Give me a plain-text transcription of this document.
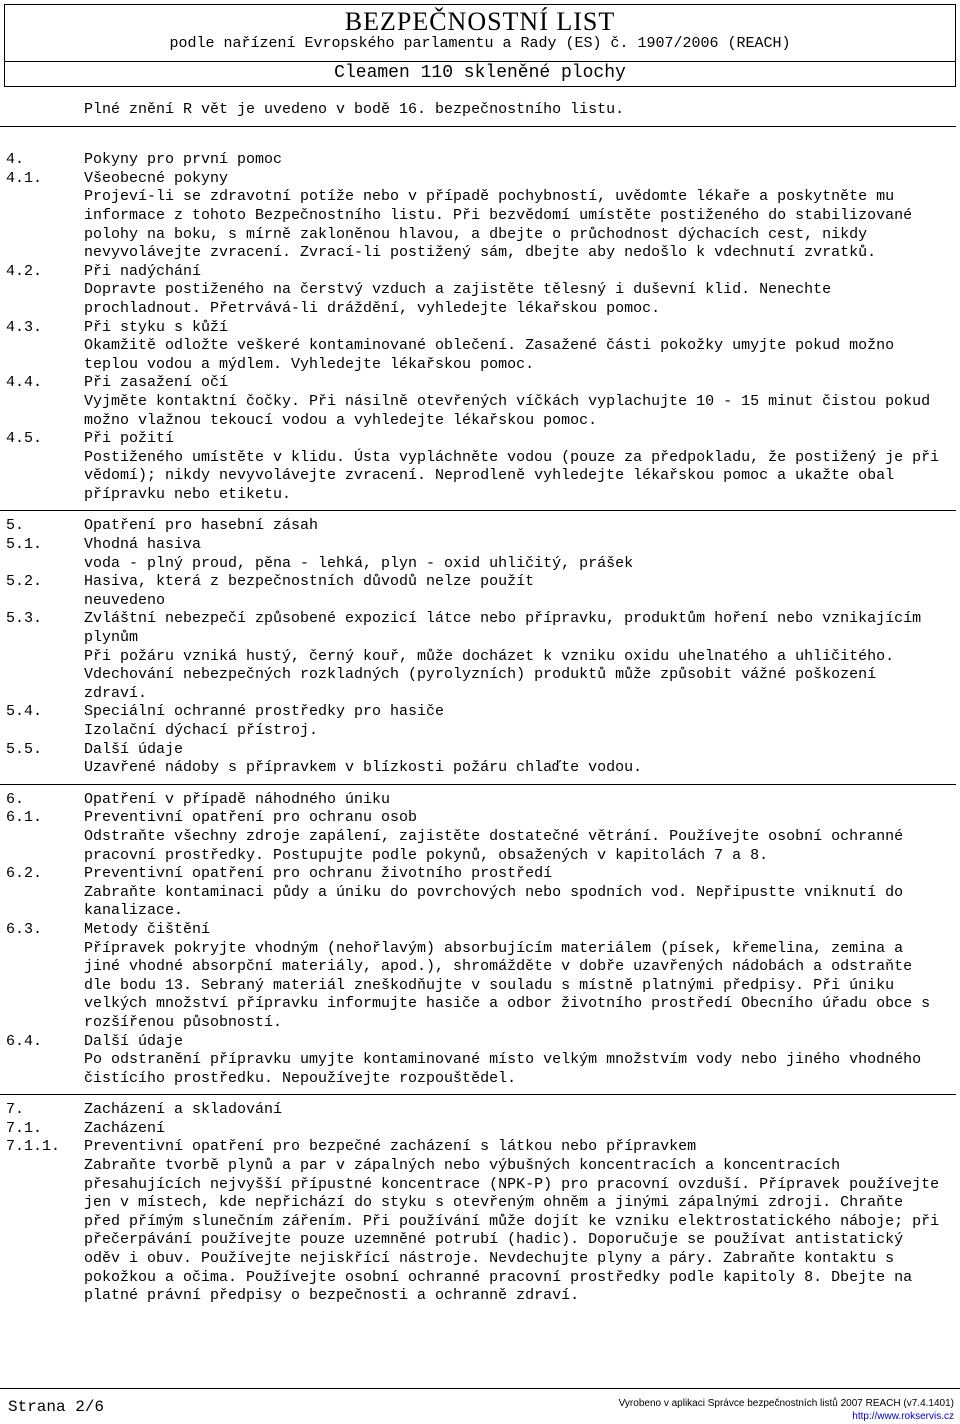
BEZPEČNOSTNÍ LIST
podle nařízení Evropského parlamentu a Rady (ES) č. 1907/2006 (REACH)
Cleamen 110 skleněné plochy
Plné znění R vět je uvedeno v bodě 16. bezpečnostního listu.
4.	Pokyny pro první pomoc
4.1.	Všeobecné pokyny
Projeví-li se zdravotní potíže nebo v případě pochybností, uvědomte lékaře a poskytněte mu informace z tohoto Bezpečnostního listu. Při bezvědomí umístěte postiženého do stabilizované polohy na boku, s mírně zakloněnou hlavou, a dbejte o průchodnost dýchacích cest, nikdy nevyvolávejte zvracení. Zvrací-li postižený sám, dbejte aby nedošlo k vdechnutí zvratků.
4.2.	Při nadýchání
Dopravte postiženého na čerstvý vzduch a zajistěte tělesný i duševní klid. Nenechte prochladnout. Přetrvává-li dráždění, vyhledejte lékařskou pomoc.
4.3.	Při styku s kůží
Okamžitě odložte veškeré kontaminované oblečení. Zasažené části pokožky umyjte pokud možno teplou vodou a mýdlem. Vyhledejte lékařskou pomoc.
4.4.	Při zasažení očí
Vyjměte kontaktní čočky. Při násilně otevřených víčkách vyplachujte 10 - 15 minut čistou pokud možno vlažnou tekoucí vodou a vyhledejte lékařskou pomoc.
4.5.	Při požití
Postiženého umístěte v klidu. Ústa vypláchněte vodou (pouze za předpokladu, že postižený je při vědomí); nikdy nevyvolávejte zvracení. Neprodleně vyhledejte lékařskou pomoc a ukažte obal přípravku nebo etiketu.
5.	Opatření pro hasební zásah
5.1.	Vhodná hasiva
voda - plný proud, pěna - lehká, plyn - oxid uhličitý, prášek
5.2.	Hasiva, která z bezpečnostních důvodů nelze použít
neuvedeno
5.3.	Zvláštní nebezpečí způsobené expozicí látce nebo přípravku, produktům hoření nebo vznikajícím plynům
Při požáru vzniká hustý, černý kouř, může docházet k vzniku oxidu uhelnatého a uhličitého. Vdechování nebezpečných rozkladných (pyrolyzních) produktů může způsobit vážné poškození zdraví.
5.4.	Speciální ochranné prostředky pro hasiče
Izolační dýchací přístroj.
5.5.	Další údaje
Uzavřené nádoby s přípravkem v blízkosti požáru chlaďte vodou.
6.	Opatření v případě náhodného úniku
6.1.	Preventivní opatření pro ochranu osob
Odstraňte všechny zdroje zapálení, zajistěte dostatečné větrání. Používejte osobní ochranné pracovní prostředky. Postupujte podle pokynů, obsažených v kapitolách 7 a 8.
6.2.	Preventivní opatření pro ochranu životního prostředí
Zabraňte kontaminaci půdy a úniku do povrchových nebo spodních vod. Nepřipustte vniknutí do kanalizace.
6.3.	Metody čištění
Přípravek pokryjte vhodným (nehořlavým) absorbujícím materiálem (písek, křemelina, zemina a jiné vhodné absorpční materiály, apod.), shromážděte v dobře uzavřených nádobách a odstraňte dle bodu 13. Sebraný materiál zneškodňujte v souladu s místně platnými předpisy. Při úniku velkých množství přípravku informujte hasiče a odbor životního prostředí Obecního úřadu obce s rozšířenou působností.
6.4.	Další údaje
Po odstranění přípravku umyjte kontaminované místo velkým množstvím vody nebo jiného vhodného čistícího prostředku. Nepoužívejte rozpouštědel.
7.	Zacházení a skladování
7.1.	Zacházení
7.1.1.	Preventivní opatření pro bezpečné zacházení s látkou nebo přípravkem
Zabraňte tvorbě plynů a par v zápalných nebo výbušných koncentracích a koncentracích přesahujících nejvyšší přípustné koncentrace (NPK-P) pro pracovní ovzduší. Přípravek používejte jen v místech, kde nepřichází do styku s otevřeným ohněm a jinými zápalnými zdroji. Chraňte před přímým slunečním zářením. Při používání může dojít ke vzniku elektrostatického náboje; při přečerpávání používejte pouze uzemněné potrubí (hadic). Doporučuje se používat antistatický oděv i obuv. Používejte nejiskřící nástroje. Nevdechujte plyny a páry. Zabraňte kontaktu s pokožkou a očima. Používejte osobní ochranné pracovní prostředky podle kapitoly 8. Dbejte na platné právní předpisy o bezpečnosti a ochranně zdraví.
Strana 2/6	Vyrobeno v aplikaci Správce bezpečnostních listů 2007 REACH (v7.4.1401)
http://www.rokservis.cz
